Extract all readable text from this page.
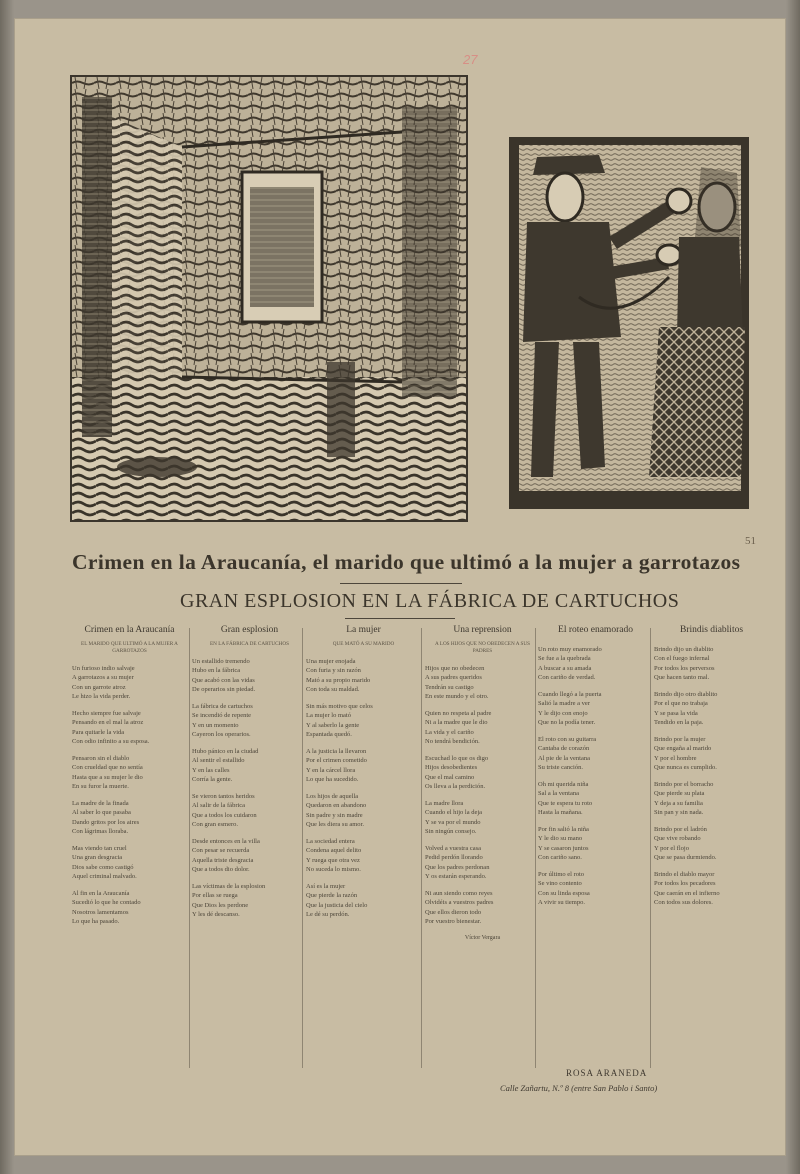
27
51
Crimen en la Araucanía, el marido que ultimó a la mujer a garrotazos
GRAN ESPLOSION EN LA FÁBRICA DE CARTUCHOS
Crimen en la Araucanía
EL MARIDO QUE ULTIMÓ A LA MUJER A GARROTAZOS
Un furioso indio salvaje
A garrotazos a su mujer
Con un garrote atroz
Le hizo la vida perder.
Hecho siempre fue salvaje
Pensando en el mal la atroz
Para quitarle la vida
Con odio infinito a su esposa.
Pensaron sin el diablo
Con crueldad que no sentía
Hasta que a su mujer le dio
En su furor la muerte.
La madre de la finada
Al saber lo que pasaba
Dando gritos por los aires
Con lágrimas lloraba.
Mas viendo tan cruel
Una gran desgracia
Dios sabe como castigó
Aquel criminal malvado.
Al fin en la Araucanía
Sucedió lo que he contado
Nosotros lamentamos
Lo que ha pasado.
Gran esplosion
EN LA FÁBRICA DE CARTUCHOS
Un estallido tremendo
Hubo en la fábrica
Que acabó con las vidas
De operarios sin piedad.
La fábrica de cartuchos
Se incendió de repente
Y en un momento
Cayeron los operarios.
Hubo pánico en la ciudad
Al sentir el estallido
Y en las calles
Corría la gente.
Se vieron tantos heridos
Al salir de la fábrica
Que a todos los cuidaron
Con gran esmero.
Desde entonces en la villa
Con pesar se recuerda
Aquella triste desgracia
Que a todos dio dolor.
Las víctimas de la esplosion
Por ellas se ruega
Que Dios les perdone
Y les dé descanso.
La mujer
QUE MATÓ A SU MARIDO
Una mujer enojada
Con furia y sin razón
Mató a su propio marido
Con toda su maldad.
Sin más motivo que celos
La mujer lo mató
Y al saberlo la gente
Espantada quedó.
A la justicia la llevaron
Por el crimen cometido
Y en la cárcel llora
Lo que ha sucedido.
Los hijos de aquella
Quedaron en abandono
Sin padre y sin madre
Que les diera su amor.
La sociedad entera
Condena aquel delito
Y ruega que otra vez
No suceda lo mismo.
Así es la mujer
Que pierde la razón
Que la justicia del cielo
Le dé su perdón.
Una reprension
A LOS HIJOS QUE NO OBEDECEN A SUS PADRES
Hijos que no obedecen
A sus padres queridos
Tendrán su castigo
En este mundo y el otro.
Quien no respeta al padre
Ni a la madre que le dio
La vida y el cariño
No tendrá bendición.
Escuchad lo que os digo
Hijos desobedientes
Que el mal camino
Os lleva a la perdición.
La madre llora
Cuando el hijo la deja
Y se va por el mundo
Sin ningún consejo.
Volved a vuestra casa
Pedid perdón llorando
Que los padres perdonan
Y os estarán esperando.
Ni aun siendo como reyes
Olvidéis a vuestros padres
Que ellos dieron todo
Por vuestro bienestar.
Víctor Vergara
El roteo enamorado
Un roto muy enamorado
Se fue a la quebrada
A buscar a su amada
Con cariño de verdad.
Cuando llegó a la puerta
Salió la madre a ver
Y le dijo con enojo
Que no la podía tener.
El roto con su guitarra
Cantaba de corazón
Al pie de la ventana
Su triste canción.
Oh mi querida niña
Sal a la ventana
Que te espera tu roto
Hasta la mañana.
Por fin salió la niña
Y le dio su mano
Y se casaron juntos
Con cariño sano.
Por último el roto
Se vino contento
Con su linda esposa
A vivir su tiempo.
Brindis diablitos
Brindo dijo un diablito
Con el fuego infernal
Por todos los perversos
Que hacen tanto mal.
Brindo dijo otro diablito
Por el que no trabaja
Y se pasa la vida
Tendido en la paja.
Brindo por la mujer
Que engaña al marido
Y por el hombre
Que nunca es cumplido.
Brindo por el borracho
Que pierde su plata
Y deja a su familia
Sin pan y sin nada.
Brindo por el ladrón
Que vive robando
Y por el flojo
Que se pasa durmiendo.
Brindo el diablo mayor
Por todos los pecadores
Que caerán en el infierno
Con todos sus dolores.
ROSA ARANEDA
Calle Zañartu, N.º 8 (entre San Pablo i Santo)
